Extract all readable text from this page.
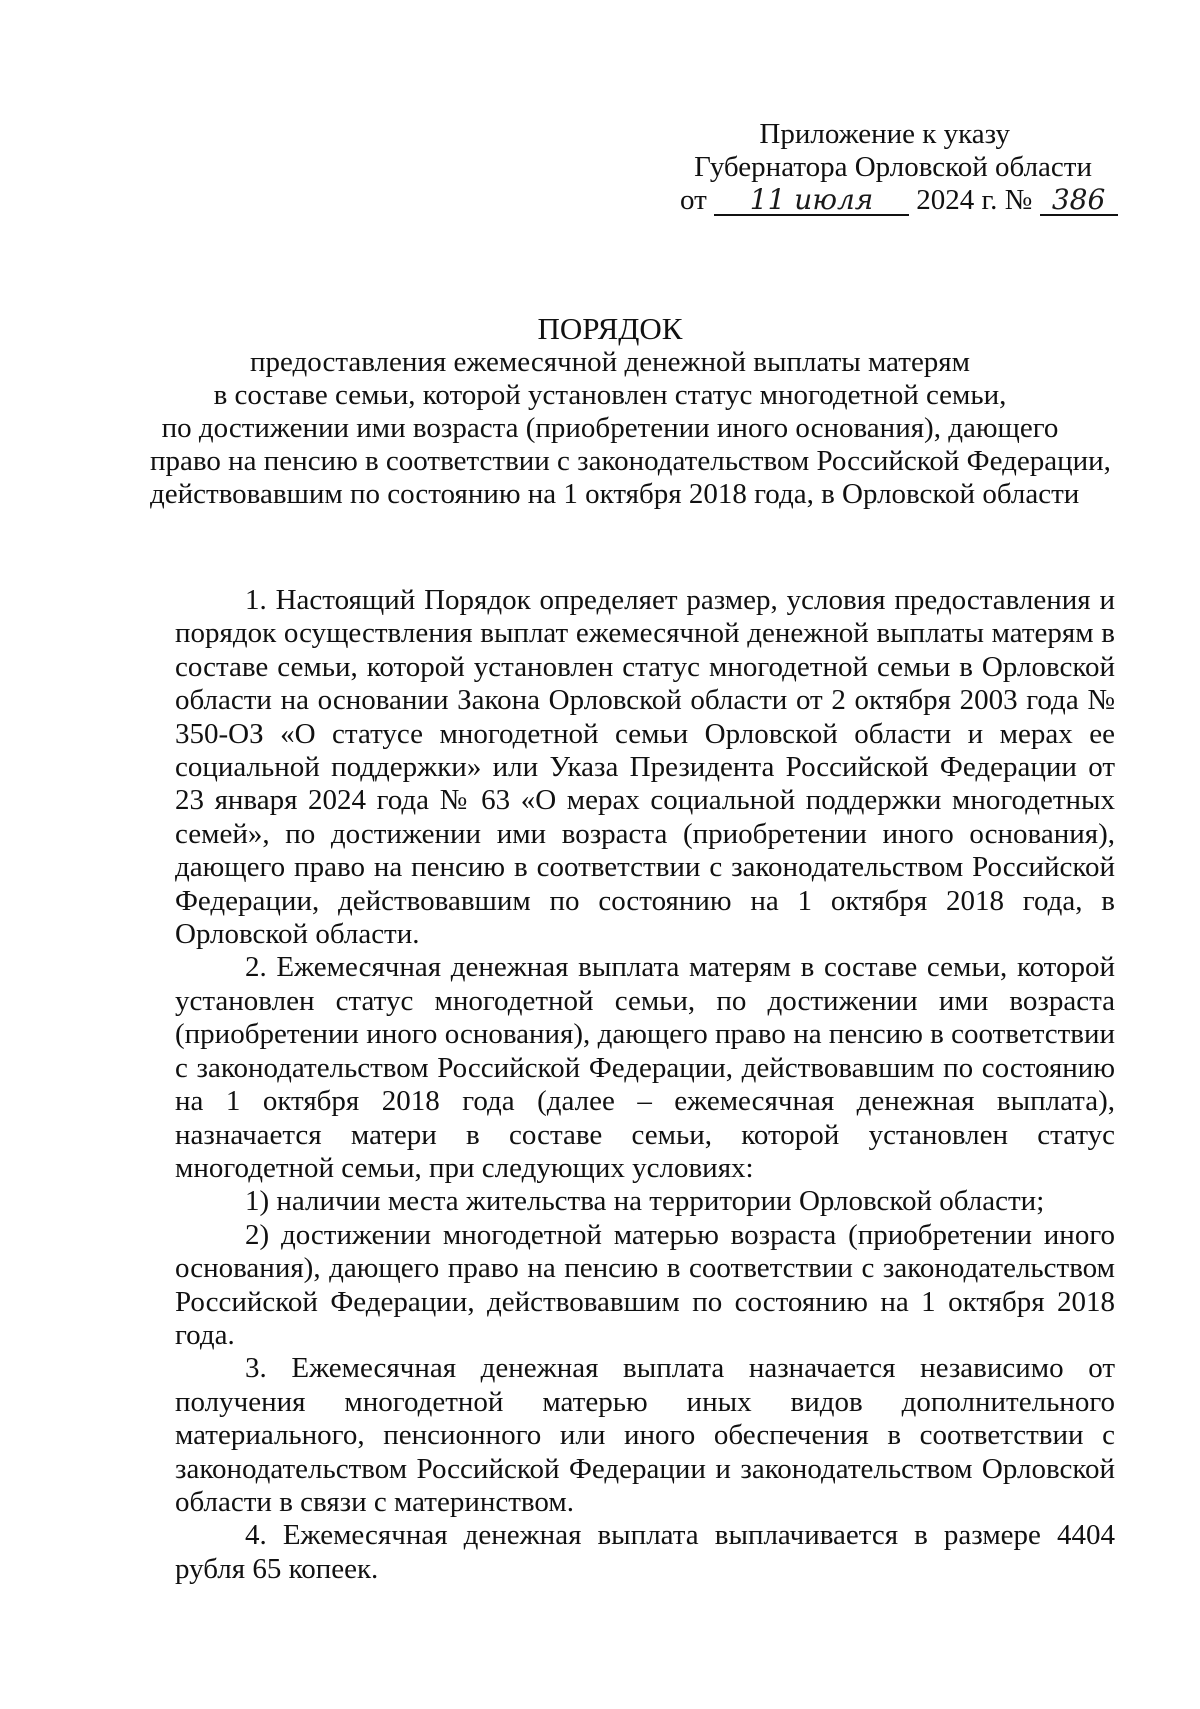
Приложение к указу
Губернатора Орловской области
от 11 июля 2024 г. № 386
ПОРЯДОК
предоставления ежемесячной денежной выплаты матерям
в составе семьи, которой установлен статус многодетной семьи,
по достижении ими возраста (приобретении иного основания), дающего
право на пенсию в соответствии с законодательством Российской Федерации,
действовавшим по состоянию на 1 октября 2018 года, в Орловской области

1. Настоящий Порядок определяет размер, условия предоставления и порядок осуществления выплат ежемесячной денежной выплаты матерям в составе семьи, которой установлен статус многодетной семьи в Орловской области на основании Закона Орловской области от 2 октября 2003 года № 350-ОЗ «О статусе многодетной семьи Орловской области и мерах ее социальной поддержки» или Указа Президента Российской Федерации от 23 января 2024 года № 63 «О мерах социальной поддержки многодетных семей», по достижении ими возраста (приобретении иного основания), дающего право на пенсию в соответствии с законодательством Российской Федерации, действовавшим по состоянию на 1 октября 2018 года, в Орловской области.

2. Ежемесячная денежная выплата матерям в составе семьи, которой установлен статус многодетной семьи, по достижении ими возраста (приобретении иного основания), дающего право на пенсию в соответствии с законодательством Российской Федерации, действовавшим по состоянию на 1 октября 2018 года (далее – ежемесячная денежная выплата), назначается матери в составе семьи, которой установлен статус многодетной семьи, при следующих условиях:

1) наличии места жительства на территории Орловской области;

2) достижении многодетной матерью возраста (приобретении иного основания), дающего право на пенсию в соответствии с законодательством Российской Федерации, действовавшим по состоянию на 1 октября 2018 года.

3. Ежемесячная денежная выплата назначается независимо от получения многодетной матерью иных видов дополнительного материального, пенсионного или иного обеспечения в соответствии с законодательством Российской Федерации и законодательством Орловской области в связи с материнством.

4. Ежемесячная денежная выплата выплачивается в размере 4404 рубля 65 копеек.
